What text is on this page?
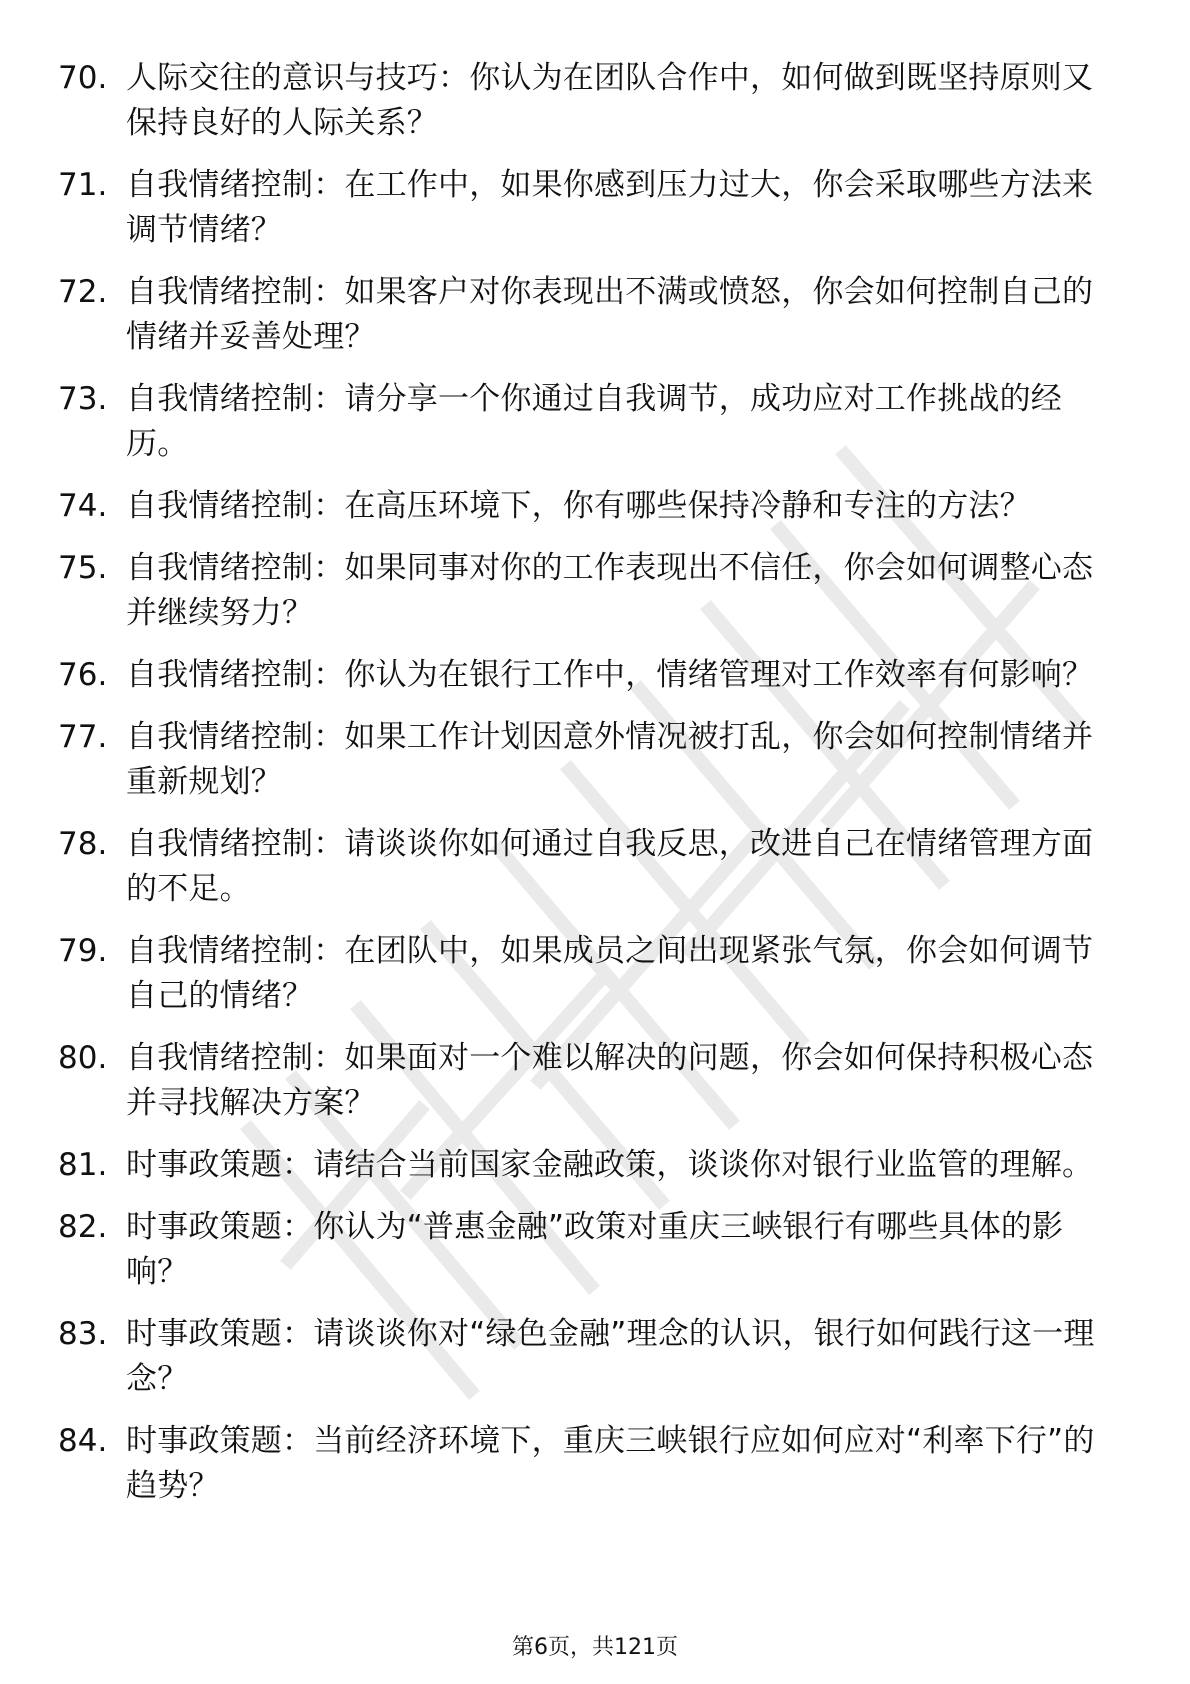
70. 人际交往的意识与技巧：你认为在团队合作中，如何做到既坚持原则又保持良好的人际关系？
71. 自我情绪控制：在工作中，如果你感到压力过大，你会采取哪些方法来调节情绪？
72. 自我情绪控制：如果客户对你表现出不满或愤怒，你会如何控制自己的情绪并妥善处理？
73. 自我情绪控制：请分享一个你通过自我调节，成功应对工作挑战的经历。
74. 自我情绪控制：在高压环境下，你有哪些保持冷静和专注的方法？
75. 自我情绪控制：如果同事对你的工作表现出不信任，你会如何调整心态并继续努力？
76. 自我情绪控制：你认为在银行工作中，情绪管理对工作效率有何影响？
77. 自我情绪控制：如果工作计划因意外情况被打乱，你会如何控制情绪并重新规划？
78. 自我情绪控制：请谈谈你如何通过自我反思，改进自己在情绪管理方面的不足。
79. 自我情绪控制：在团队中，如果成员之间出现紧张气氛，你会如何调节自己的情绪？
80. 自我情绪控制：如果面对一个难以解决的问题，你会如何保持积极心态并寻找解决方案？
81. 时事政策题：请结合当前国家金融政策，谈谈你对银行业监管的理解。
82. 时事政策题：你认为“普惠金融”政策对重庆三峡银行有哪些具体的影响？
83. 时事政策题：请谈谈你对“绿色金融”理念的认识，银行如何践行这一理念？
84. 时事政策题：当前经济环境下，重庆三峡银行应如何应对“利率下行”的趋势？
第6页，共121页
